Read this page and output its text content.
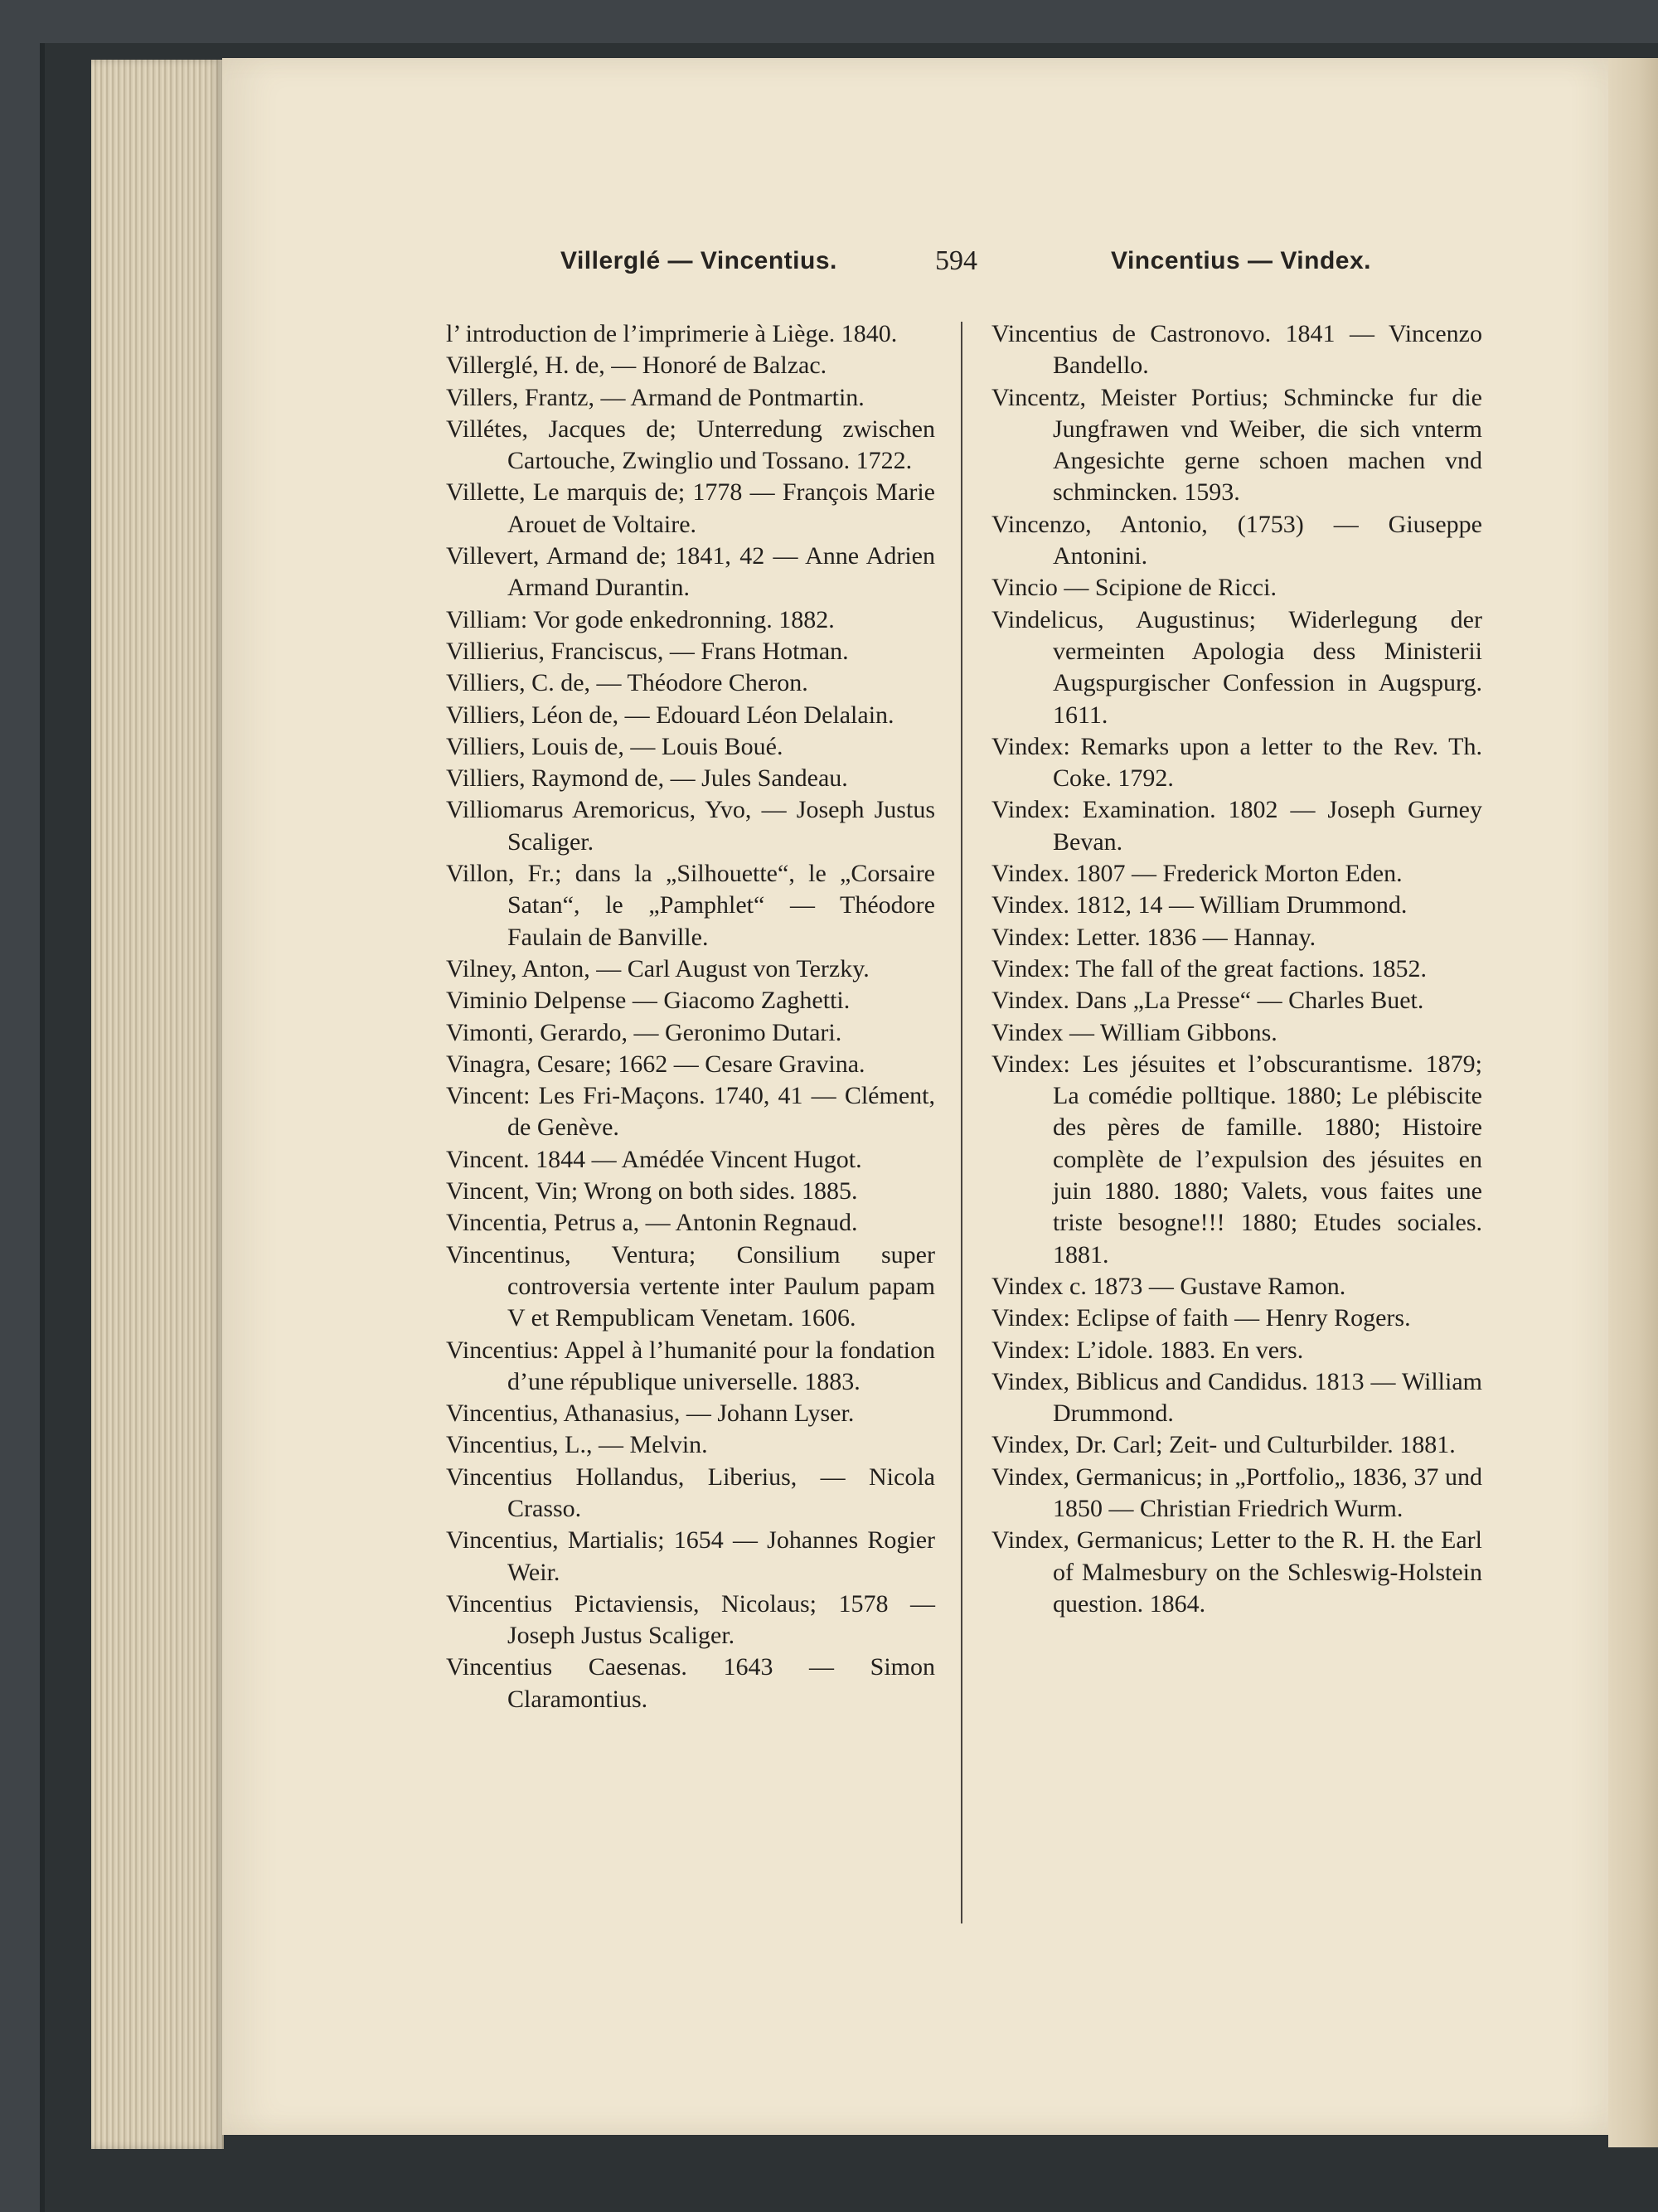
Villerglé — Vincentius.	594	Vincentius — Vindex.

l’ introduction de l’imprimerie à Liège. 1840.

Villerglé, H. de, — Honoré de Balzac.

Villers, Frantz, — Armand de Pontmartin.

Villétes, Jacques de; Unterredung zwischen Cartouche, Zwinglio und Tossano. 1722.

Villette, Le marquis de; 1778 — François Marie Arouet de Voltaire.

Villevert, Armand de; 1841, 42 — Anne Adrien Armand Durantin.

Villiam: Vor gode enkedronning. 1882.

Villierius, Franciscus, — Frans Hotman.

Villiers, C. de, — Théodore Cheron.

Villiers, Léon de, — Edouard Léon Delalain.

Villiers, Louis de, — Louis Boué.

Villiers, Raymond de, — Jules Sandeau.

Villiomarus Aremoricus, Yvo, — Joseph Justus Scaliger.

Villon, Fr.; dans la „Silhouette“, le „Corsaire Satan“, le „Pamphlet“ — Théodore Faulain de Banville.

Vilney, Anton, — Carl August von Terzky.

Viminio Delpense — Giacomo Zaghetti.

Vimonti, Gerardo, — Geronimo Dutari.

Vinagra, Cesare; 1662 — Cesare Gravina.

Vincent: Les Fri-Maçons. 1740, 41 — Clément, de Genève.

Vincent. 1844 — Amédée Vincent Hugot.

Vincent, Vin; Wrong on both sides. 1885.

Vincentia, Petrus a, — Antonin Regnaud.

Vincentinus, Ventura; Consilium super controversia vertente inter Paulum papam V et Rempublicam Venetam. 1606.

Vincentius: Appel à l’humanité pour la fondation d’une république universelle. 1883.

Vincentius, Athanasius, — Johann Lyser.

Vincentius, L., — Melvin.

Vincentius Hollandus, Liberius, — Nicola Crasso.

Vincentius, Martialis; 1654 — Johannes Rogier Weir.

Vincentius Pictaviensis, Nicolaus; 1578 — Joseph Justus Scaliger.

Vincentius Caesenas. 1643 — Simon Claramontius.

Vincentius de Castronovo. 1841 — Vincenzo Bandello.

Vincentz, Meister Portius; Schmincke fur die Jungfrawen vnd Weiber, die sich vnterm Angesichte gerne schoen machen vnd schmincken. 1593.

Vincenzo, Antonio, (1753) — Giuseppe Antonini.

Vincio — Scipione de Ricci.

Vindelicus, Augustinus; Widerlegung der vermeinten Apologia dess Ministerii Augspurgischer Confession in Augspurg. 1611.

Vindex: Remarks upon a letter to the Rev. Th. Coke. 1792.

Vindex: Examination. 1802 — Joseph Gurney Bevan.

Vindex. 1807 — Frederick Morton Eden.

Vindex. 1812, 14 — William Drummond.

Vindex: Letter. 1836 — Hannay.

Vindex: The fall of the great factions. 1852.

Vindex. Dans „La Presse“ — Charles Buet.

Vindex — William Gibbons.

Vindex: Les jésuites et l’obscurantisme. 1879; La comédie polltique. 1880; Le plébiscite des pères de famille. 1880; Histoire complète de l’expulsion des jésuites en juin 1880. 1880; Valets, vous faites une triste besogne!!! 1880; Etudes sociales. 1881.

Vindex c. 1873 — Gustave Ramon.

Vindex: Eclipse of faith — Henry Rogers.

Vindex: L’idole. 1883. En vers.

Vindex, Biblicus and Candidus. 1813 — William Drummond.

Vindex, Dr. Carl; Zeit- und Culturbilder. 1881.

Vindex, Germanicus; in „Portfolio„ 1836, 37 und 1850 — Christian Friedrich Wurm.

Vindex, Germanicus; Letter to the R. H. the Earl of Malmesbury on the Schleswig-Holstein question. 1864.
